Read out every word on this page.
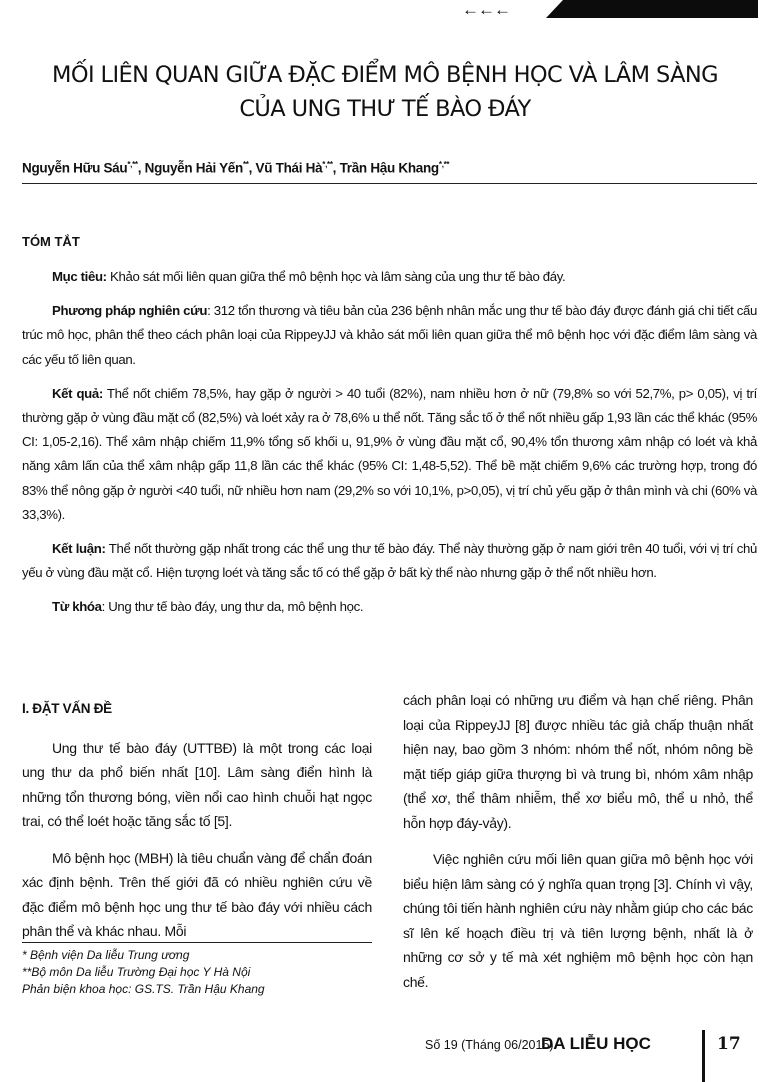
←←←
MỐI LIÊN QUAN GIỮA ĐẶC ĐIỂM MÔ BỆNH HỌC VÀ LÂM SÀNG
CỦA UNG THƯ TẾ BÀO ĐÁY
Nguyễn Hữu Sáu*,**, Nguyễn Hải Yến**, Vũ Thái Hà*,**, Trần Hậu Khang*,**
TÓM TẮT

Mục tiêu: Khảo sát mối liên quan giữa thể mô bệnh học và lâm sàng của ung thư tế bào đáy.

Phương pháp nghiên cứu: 312 tổn thương và tiêu bản của 236 bệnh nhân mắc ung thư tế bào đáy được đánh giá chi tiết cấu trúc mô học, phân thể theo cách phân loại của RippeyJJ và khảo sát mối liên quan giữa thể mô bệnh học với đặc điểm lâm sàng và các yếu tố liên quan.

Kết quả: Thể nốt chiếm 78,5%, hay gặp ở người > 40 tuổi (82%), nam nhiều hơn ở nữ (79,8% so với 52,7%, p> 0,05), vị trí thường gặp ở vùng đầu mặt cổ (82,5%) và loét xảy ra ở 78,6% u thể nốt. Tăng sắc tố ở thể nốt nhiều gấp 1,93 lần các thể khác (95% CI: 1,05-2,16). Thể xâm nhập chiếm 11,9% tổng số khối u, 91,9% ở vùng đầu mặt cổ, 90,4% tổn thương xâm nhập có loét và khả năng xâm lấn của thể xâm nhập gấp 11,8 lần các thể khác (95% CI: 1,48-5,52). Thể bề mặt chiếm 9,6% các trường hợp, trong đó 83% thể nông gặp ở người <40 tuổi, nữ nhiều hơn nam (29,2% so với 10,1%, p>0,05), vị trí chủ yếu gặp ở thân mình và chi (60% và 33,3%).

Kết luận: Thể nốt thường gặp nhất trong các thể ung thư tế bào đáy. Thể này thường gặp ở nam giới trên 40 tuổi, với vị trí chủ yếu ở vùng đầu mặt cổ. Hiện tượng loét và tăng sắc tố có thể gặp ở bất kỳ thể nào nhưng gặp ở thể nốt nhiều hơn.

Từ khóa: Ung thư tế bào đáy, ung thư da, mô bệnh học.

I. ĐẶT VẤN ĐỀ

Ung thư tế bào đáy (UTTBĐ) là một trong các loại ung thư da phổ biến nhất [10]. Lâm sàng điển hình là những tổn thương bóng, viền nổi cao hình chuỗi hạt ngọc trai, có thể loét hoặc tăng sắc tố [5].

Mô bệnh học (MBH) là tiêu chuẩn vàng để chẩn đoán xác định bệnh. Trên thế giới đã có nhiều nghiên cứu về đặc điểm mô bệnh học ung thư tế bào đáy với nhiều cách phân thể và khác nhau. Mỗi

cách phân loại có những ưu điểm và hạn chế riêng. Phân loại của RippeyJJ [8] được nhiều tác giả chấp thuận nhất hiện nay, bao gồm 3 nhóm: nhóm thể nốt, nhóm nông bề mặt tiếp giáp giữa thượng bì và trung bì, nhóm xâm nhập (thể xơ, thể thâm nhiễm, thể xơ biểu mô, thể u nhỏ, thể hỗn hợp đáy-vảy).

Việc nghiên cứu mối liên quan giữa mô bệnh học với biểu hiện lâm sàng có ý nghĩa quan trọng [3]. Chính vì vậy, chúng tôi tiến hành nghiên cứu này nhằm giúp cho các bác sĩ lên kế hoạch điều trị và tiên lượng bệnh, nhất là ở những cơ sở y tế mà xét nghiệm mô bệnh học còn hạn chế.

* Bệnh viện Da liễu Trung ương
**Bộ môn Da liễu Trường Đại học Y Hà Nội
Phản biện khoa học: GS.TS. Trần Hậu Khang
Số 19 (Tháng 06/2015)
DA LIỄU HỌC	17
